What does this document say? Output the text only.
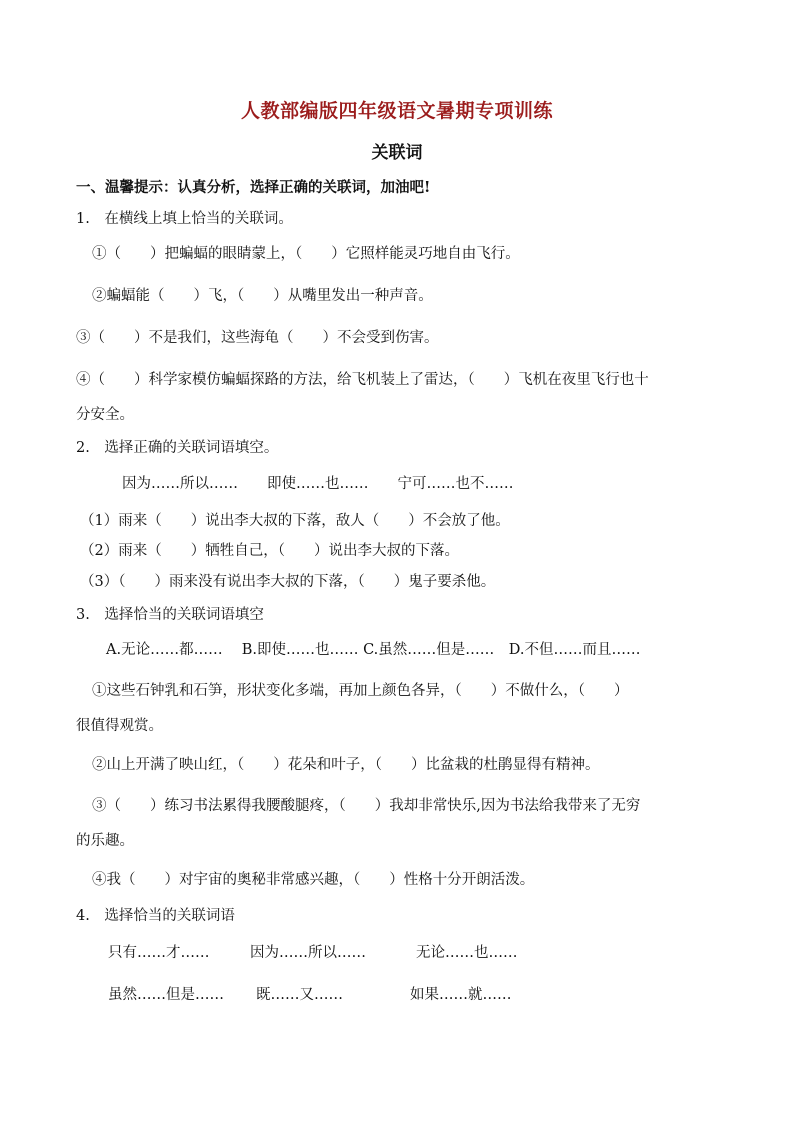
人教部编版四年级语文暑期专项训练
关联词
一、温馨提示：认真分析，选择正确的关联词，加油吧!
1.　在横线上填上恰当的关联词。
①（　　）把蝙蝠的眼睛蒙上，（　　）它照样能灵巧地自由飞行。
②蝙蝠能（　　）飞，（　　）从嘴里发出一种声音。
③（　　）不是我们，这些海龟（　　）不会受到伤害。
④（　　）科学家模仿蝙蝠探路的方法，给飞机装上了雷达，（　　）飞机在夜里飞行也十
分安全。
2.　选择正确的关联词语填空。
因为……所以……　　即使……也……　　宁可……也不……
（1）雨来（　　）说出李大叔的下落，敌人（　　）不会放了他。
（2）雨来（　　）牺牲自己，（　　）说出李大叔的下落。
（3）（　　）雨来没有说出李大叔的下落，（　　）鬼子要杀他。
3.　选择恰当的关联词语填空
A.无论……都……　 B.即使……也…… C.虽然……但是……　D.不但……而且……
①这些石钟乳和石笋，形状变化多端，再加上颜色各异，（　　）不做什么，（　　）
很值得观赏。
②山上开满了映山红，（　　）花朵和叶子，（　　）比盆栽的杜鹃显得有精神。
③（　　）练习书法累得我腰酸腿疼，（　　）我却非常快乐,因为书法给我带来了无穷
的乐趣。
④我（　　）对宇宙的奥秘非常感兴趣，（　　）性格十分开朗活泼。
4.　选择恰当的关联词语
只有……才……	因为……所以……	无论……也……
虽然……但是…… 既……又……	如果……就……
